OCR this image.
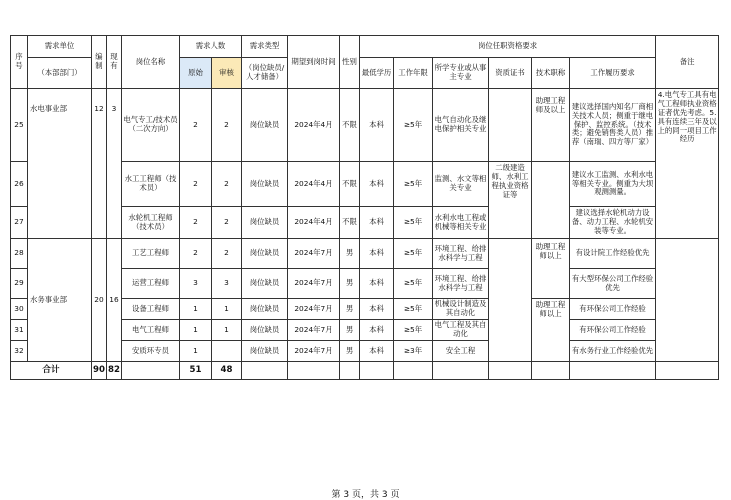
序号	需求单位	编制	现有	岗位名称	需求人数		需求类型	期望到岗时间	性别	岗位任职资格要求						备注
	（本部部门）				原始	审核	（岗位缺员/人才储备）			最低学历	工作年限	所学专业或从事主专业	资质证书	技术职称	工作履历要求	
25	水电事业部	12	3	电气专工/技术员（二次方向）	2	2	岗位缺员	2024年4月	不限	本科	≥5年	电气自动化及继电保护相关专业		助理工程师及以上	建议选择国内知名厂商相关技术人员；侧重于继电保护、监控系统。（技术类；避免销售类人员）推荐（南瑞、四方等厂家）	4.电气专工具有电气工程师执业资格证者优先考虑。5.具有连续三年及以上的同一项目工作经历
26				水工工程师（技术员）	2	2	岗位缺员	2024年4月	不限	本科	≥5年	监测、水文等相关专业	二级建造师、水利工程执业资格证等		建议水工监测、水利水电等相关专业。侧重为大坝观测测量。	
27				水轮机工程师（技术员）	2	2	岗位缺员	2024年4月	不限	本科	≥5年	水利水电工程或机械等相关专业			建议选择水轮机动力设备、动力工程、水轮机安装等专业。	
28	水务事业部	20	16	工艺工程师	2	2	岗位缺员	2024年7月	男	本科	≥5年	环境工程、给排水科学与工程		助理工程师以上	有设计院工作经验优先	
29				运营工程师	3	3	岗位缺员	2024年7月	男	本科	≥5年	环境工程、给排水科学与工程			有大型环保公司工作经验优先	
30				设备工程师	1	1	岗位缺员	2024年7月	男	本科	≥5年	机械设计制造及其自动化		助理工程师以上	有环保公司工作经验	
31				电气工程师	1	1	岗位缺员	2024年7月	男	本科	≥5年	电气工程及其自动化			有环保公司工作经验	
32				安质环专员	1		岗位缺员	2024年7月	男	本科	≥3年	安全工程			有水务行业工作经验优先	
合计		90	82		51	48										
第 3 页，共 3 页
